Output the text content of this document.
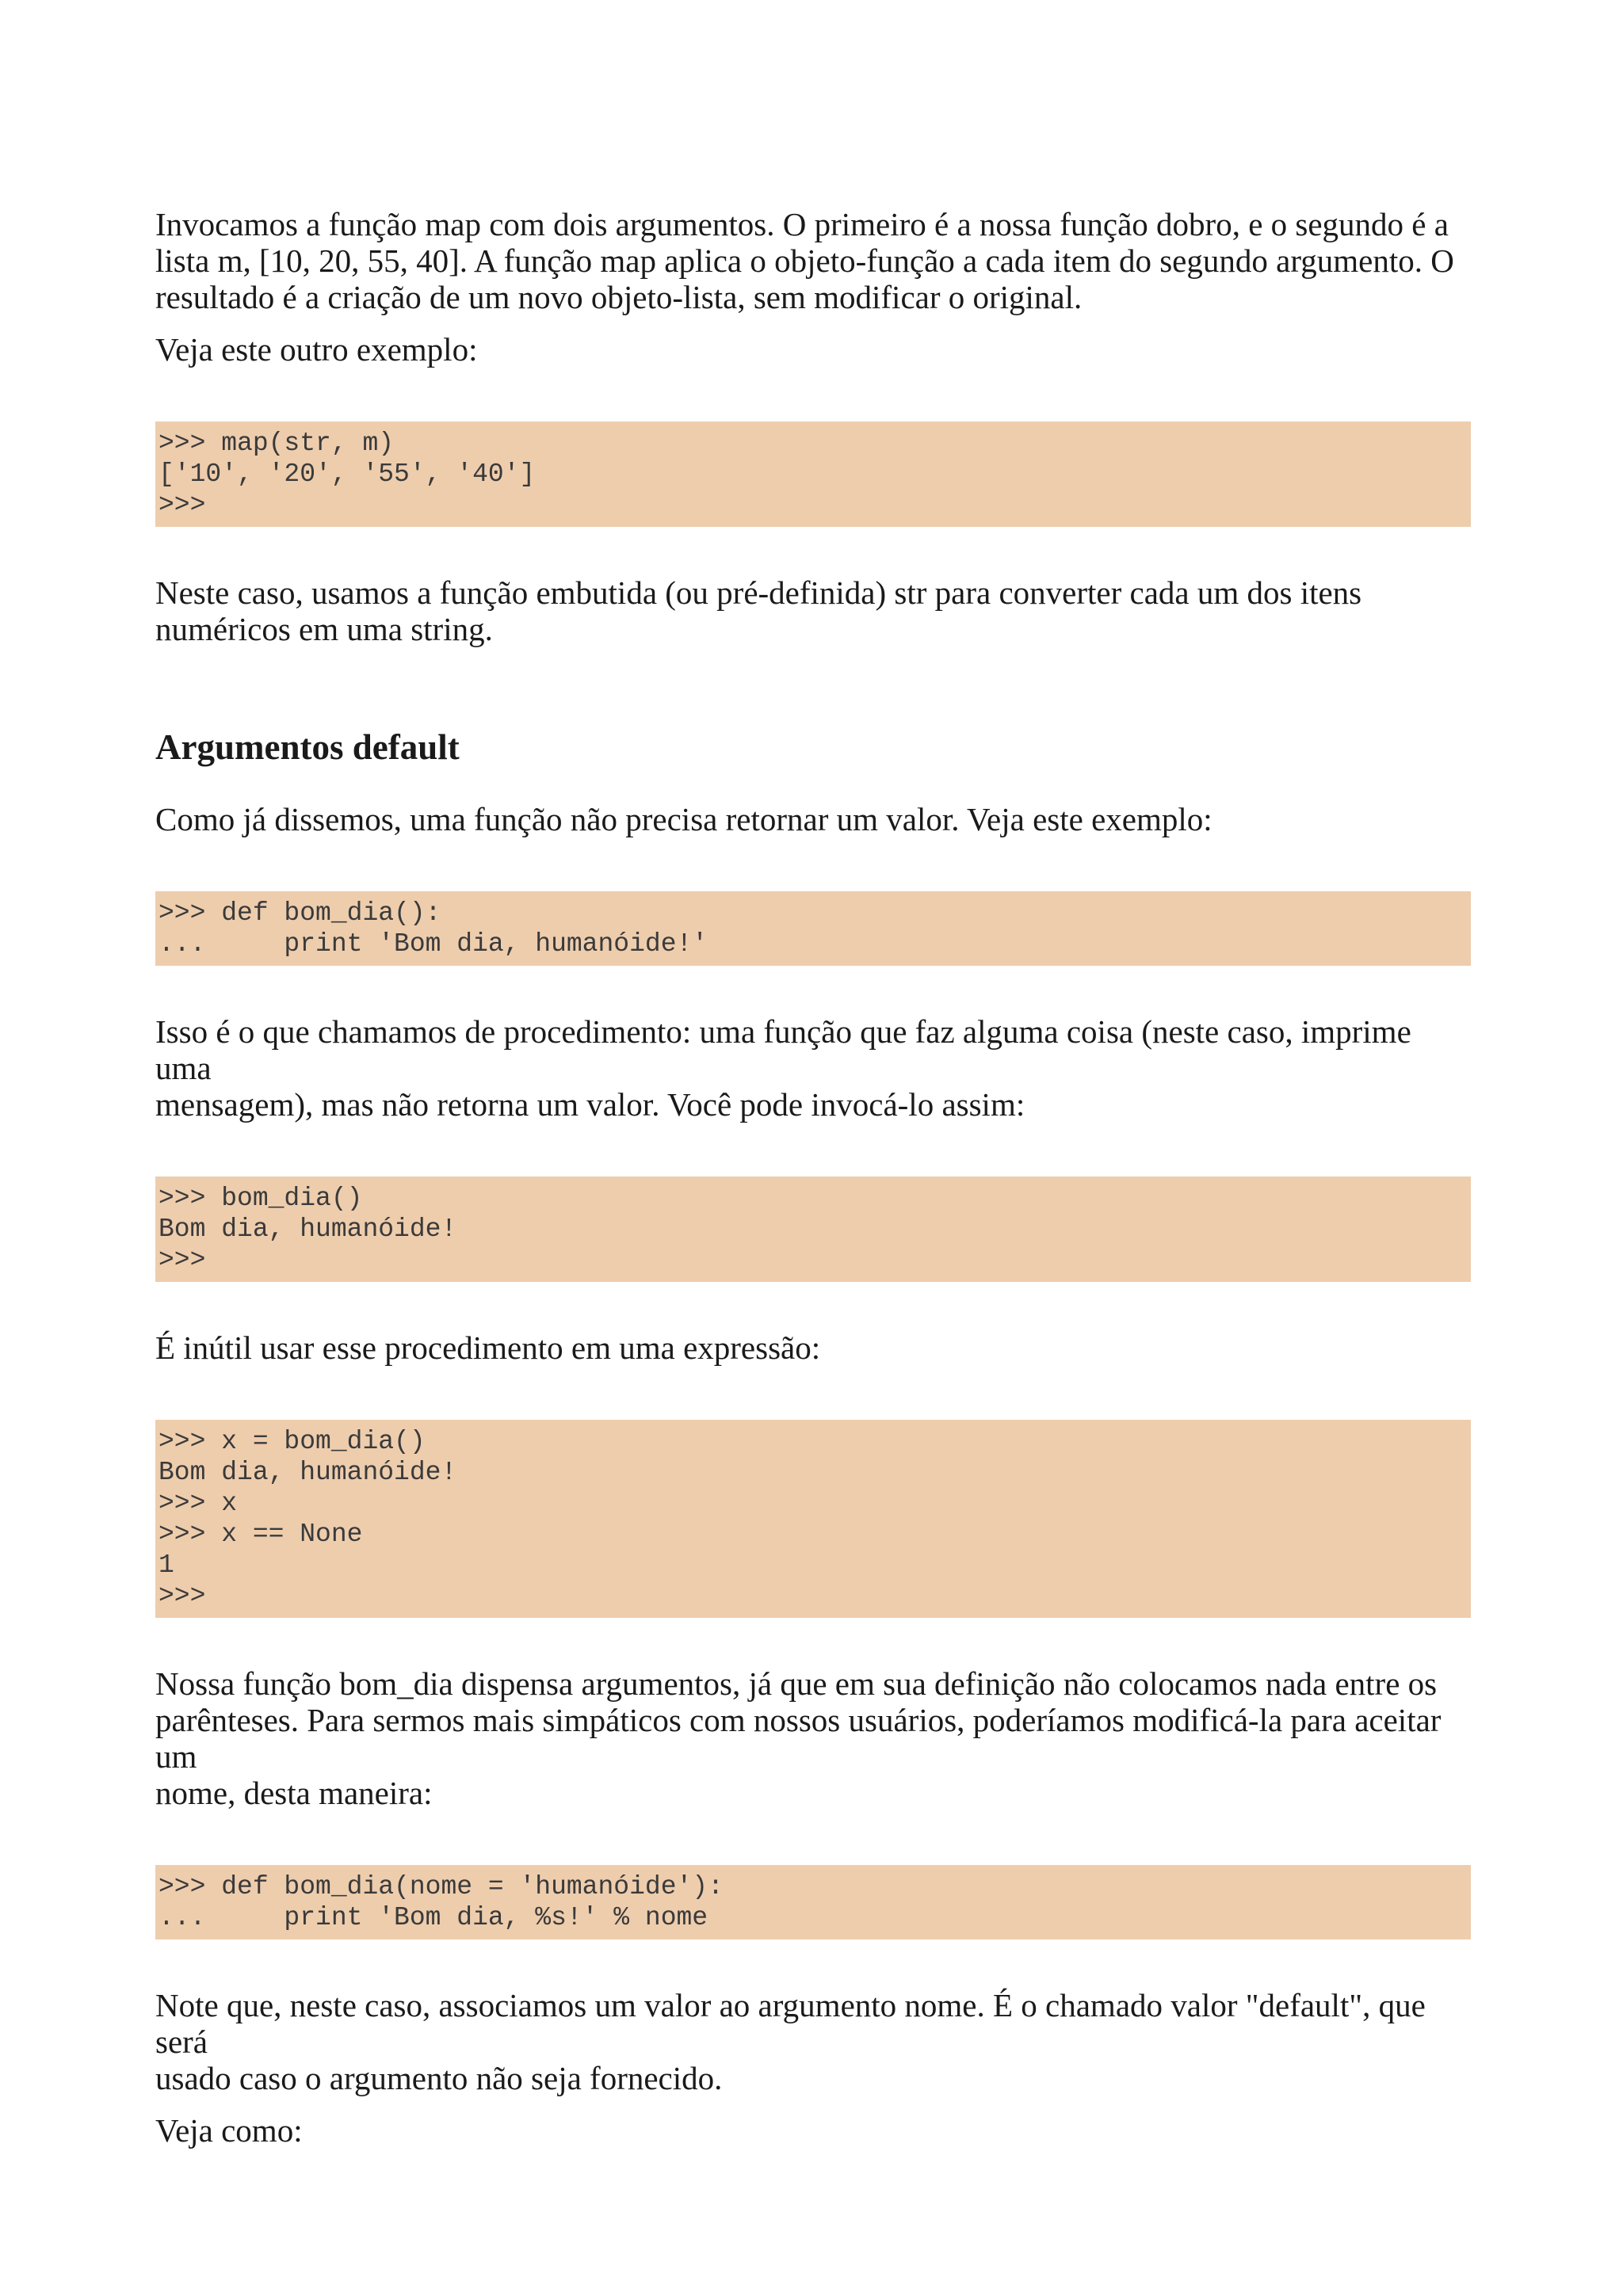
Invocamos a função map com dois argumentos. O primeiro é a nossa função dobro, e o segundo é a
lista m, [10, 20, 55, 40]. A função map aplica o objeto-função a cada item do segundo argumento. O
resultado é a criação de um novo objeto-lista, sem modificar o original.

Veja este outro exemplo:

>>> map(str, m)
['10', '20', '55', '40']
>>>

Neste caso, usamos a função embutida (ou pré-definida) str para converter cada um dos itens
numéricos em uma string.

Argumentos default

Como já dissemos, uma função não precisa retornar um valor. Veja este exemplo:

>>> def bom_dia():
...     print 'Bom dia, humanóide!'

Isso é o que chamamos de procedimento: uma função que faz alguma coisa (neste caso, imprime uma
mensagem), mas não retorna um valor. Você pode invocá-lo assim:

>>> bom_dia()
Bom dia, humanóide!
>>>

É inútil usar esse procedimento em uma expressão:

>>> x = bom_dia()
Bom dia, humanóide!
>>> x
>>> x == None
1
>>>

Nossa função bom_dia dispensa argumentos, já que em sua definição não colocamos nada entre os
parênteses. Para sermos mais simpáticos com nossos usuários, poderíamos modificá-la para aceitar um
nome, desta maneira:

>>> def bom_dia(nome = 'humanóide'):
...     print 'Bom dia, %s!' % nome

Note que, neste caso, associamos um valor ao argumento nome. É o chamado valor "default", que será
usado caso o argumento não seja fornecido.

Veja como:
